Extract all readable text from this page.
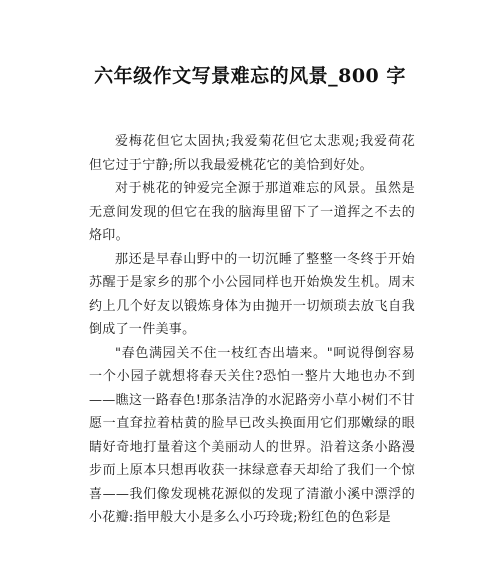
六年级作文写景难忘的风景_800 字

爱梅花但它太固执;我爱菊花但它太悲观;我爱荷花但它过于宁静;所以我最爱桃花它的美恰到好处。

对于桃花的钟爱完全源于那道难忘的风景。虽然是无意间发现的但它在我的脑海里留下了一道挥之不去的烙印。

那还是早春山野中的一切沉睡了整整一冬终于开始苏醒于是家乡的那个小公园同样也开始焕发生机。周末约上几个好友以锻炼身体为由抛开一切烦琐去放飞自我倒成了一件美事。

"春色满园关不住一枝红杏出墙来。"呵说得倒容易一个小园子就想将春天关住?恐怕一整片大地也办不到——瞧这一路春色!那条洁净的水泥路旁小草小树们不甘愿一直耷拉着枯黄的脸早已改头换面用它们那嫩绿的眼睛好奇地打量着这个美丽动人的世界。沿着这条小路漫步而上原本只想再收获一抹绿意春天却给了我们一个惊喜——我们像发现桃花源似的发现了清澈小溪中漂浮的小花瓣:指甲般大小是多么小巧玲珑;粉红色的色彩是
